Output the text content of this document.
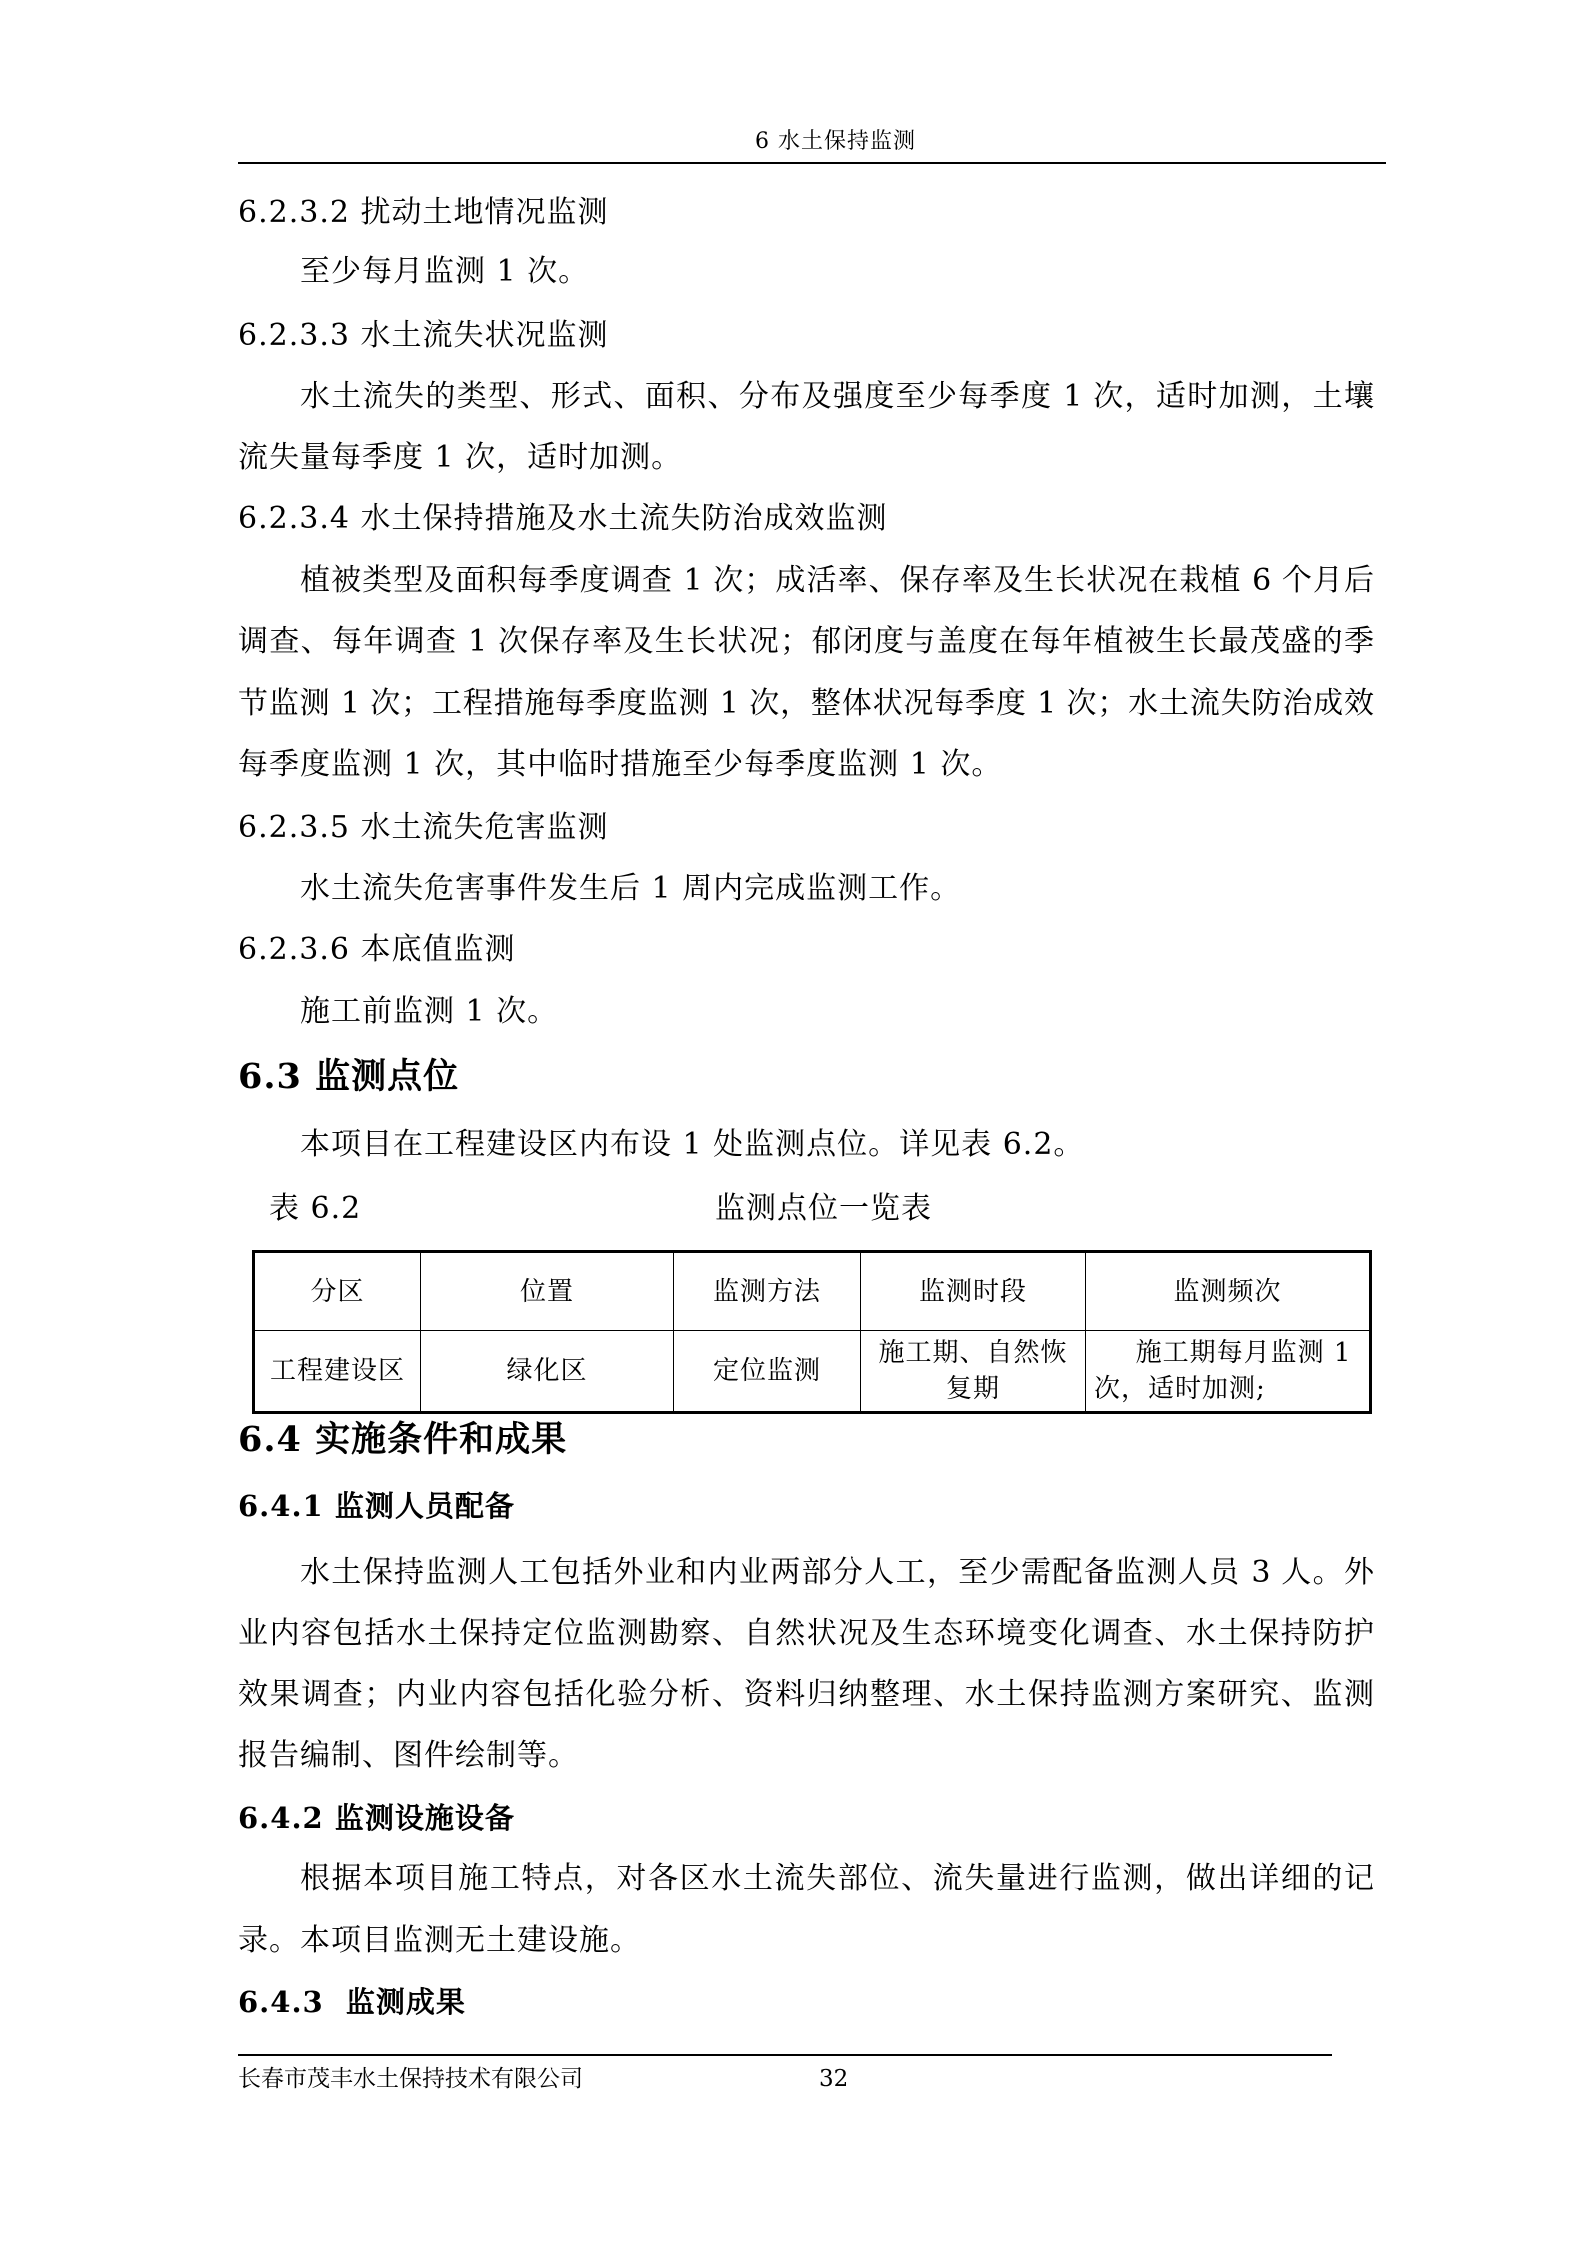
6 水土保持监测
6.2.3.2 扰动土地情况监测
至少每月监测 1 次。
6.2.3.3 水土流失状况监测
水土流失的类型、形式、面积、分布及强度至少每季度 1 次，适时加测，土壤
流失量每季度 1 次，适时加测。
6.2.3.4 水土保持措施及水土流失防治成效监测
植被类型及面积每季度调查 1 次；成活率、保存率及生长状况在栽植 6 个月后
调查、每年调查 1 次保存率及生长状况；郁闭度与盖度在每年植被生长最茂盛的季
节监测 1 次；工程措施每季度监测 1 次，整体状况每季度 1 次；水土流失防治成效
每季度监测 1 次，其中临时措施至少每季度监测 1 次。
6.2.3.5 水土流失危害监测
水土流失危害事件发生后 1 周内完成监测工作。
6.2.3.6 本底值监测
施工前监测 1 次。
6.3 监测点位
本项目在工程建设区内布设 1 处监测点位。详见表 6.2。
表 6.2	监测点位一览表
分区	位置	监测方法	监测时段	监测频次
工程建设区	绿化区	定位监测	施工期、自然恢复期	施工期每月监测 1 次，适时加测;
6.4 实施条件和成果
6.4.1 监测人员配备
水土保持监测人工包括外业和内业两部分人工，至少需配备监测人员 3 人。外
业内容包括水土保持定位监测勘察、自然状况及生态环境变化调查、水土保持防护
效果调查；内业内容包括化验分析、资料归纳整理、水土保持监测方案研究、监测
报告编制、图件绘制等。
6.4.2 监测设施设备
根据本项目施工特点，对各区水土流失部位、流失量进行监测，做出详细的记
录。本项目监测无土建设施。
6.4.3  监测成果
长春市茂丰水土保持技术有限公司	32
